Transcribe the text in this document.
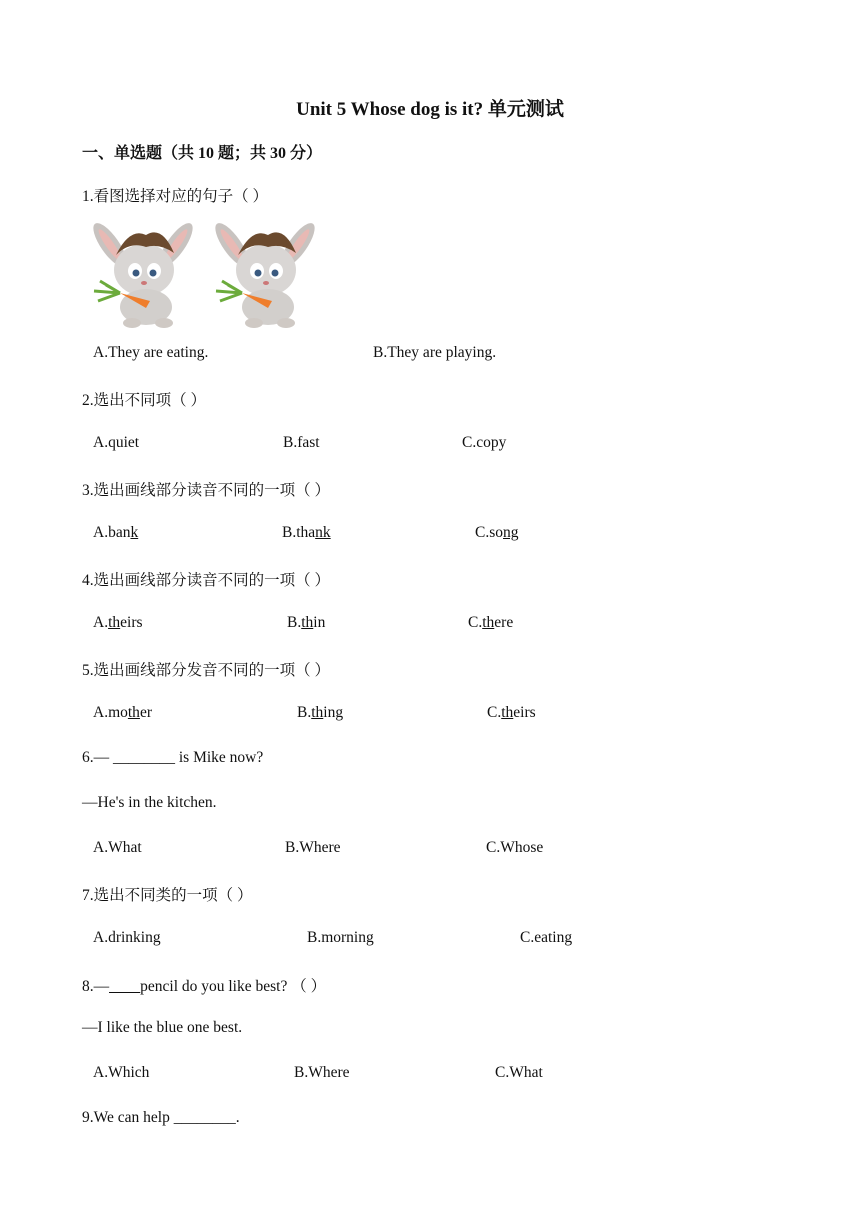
Unit 5 Whose dog is it? 单元测试
一、单选题（共 10 题；共 30 分）
1.看图选择对应的句子（ ）
A.They are eating.	B.They are playing.
2.选出不同项（ ）
A.quiet	B.fast	C.copy
3.选出画线部分读音不同的一项（ ）
A.bank	B.thank	C.song
4.选出画线部分读音不同的一项（ ）
A.theirs	B.thin	C.there
5.选出画线部分发音不同的一项（ ）
A.mother	B.thing	C.theirs
6.— ________ is Mike now?
—He's in the kitchen.
A.What	B.Where	C.Whose
7.选出不同类的一项（ ）
A.drinking	B.morning	C.eating
8.—____pencil do you like best? （ ）
—I like the blue one best.
A.Which	B.Where	C.What
9.We can help ________.
